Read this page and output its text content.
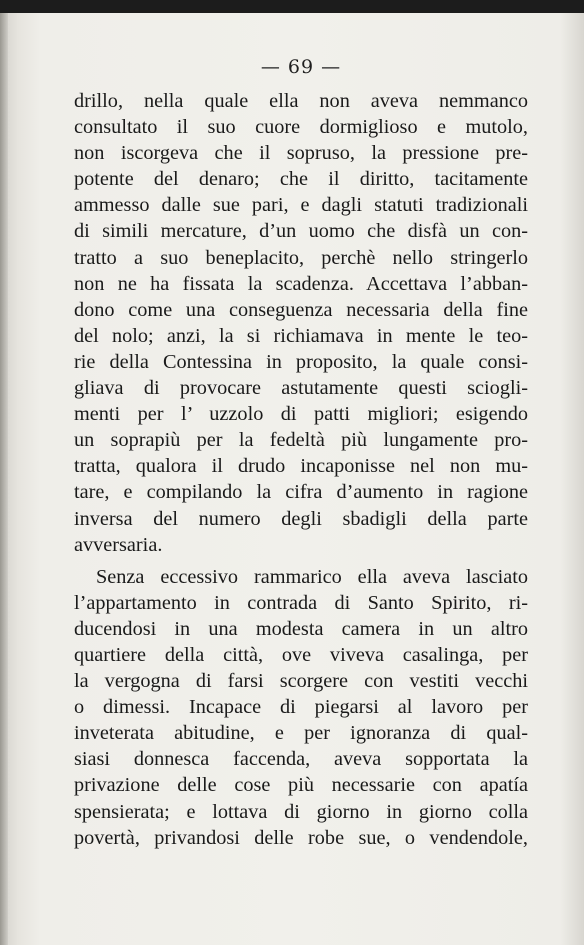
— 69 —
drillo, nella quale ella non aveva nemmanco
consultato il suo cuore dormiglioso e mutolo,
non iscorgeva che il sopruso, la pressione pre-
potente del denaro; che il diritto, tacitamente
ammesso dalle sue pari, e dagli statuti tradizionali
di simili mercature, d’un uomo che disfà un con-
tratto a suo beneplacito, perchè nello stringerlo
non ne ha fissata la scadenza. Accettava l’abban-
dono come una conseguenza necessaria della fine
del nolo; anzi, la si richiamava in mente le teo-
rie della Contessina in proposito, la quale consi-
gliava di provocare astutamente questi sciogli-
menti per l’ uzzolo di patti migliori; esigendo
un soprapiù per la fedeltà più lungamente pro-
tratta, qualora il drudo incaponisse nel non mu-
tare, e compilando la cifra d’aumento in ragione
inversa del numero degli sbadigli della parte
avversaria.
Senza eccessivo rammarico ella aveva lasciato
l’appartamento in contrada di Santo Spirito, ri-
ducendosi in una modesta camera in un altro
quartiere della città, ove viveva casalinga, per
la vergogna di farsi scorgere con vestiti vecchi
o dimessi. Incapace di piegarsi al lavoro per
inveterata abitudine, e per ignoranza di qual-
siasi donnesca faccenda, aveva sopportata la
privazione delle cose più necessarie con apatía
spensierata; e lottava di giorno in giorno colla
povertà, privandosi delle robe sue, o vendendole,
